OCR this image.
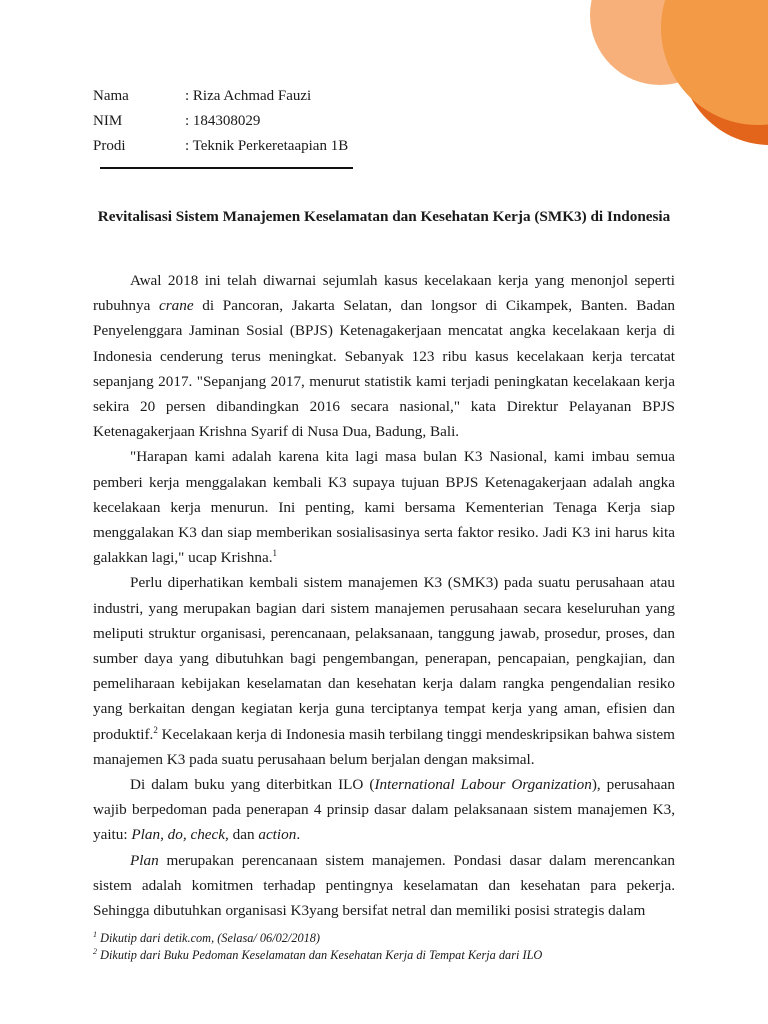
Nama	: Riza Achmad Fauzi
NIM	: 184308029
Prodi	: Teknik Perkeretaapian 1B
Revitalisasi Sistem Manajemen Keselamatan dan Kesehatan Kerja (SMK3) di Indonesia

Awal 2018 ini telah diwarnai sejumlah kasus kecelakaan kerja yang menonjol seperti rubuhnya crane di Pancoran, Jakarta Selatan, dan longsor di Cikampek, Banten. Badan Penyelenggara Jaminan Sosial (BPJS) Ketenagakerjaan mencatat angka kecelakaan kerja di Indonesia cenderung terus meningkat. Sebanyak 123 ribu kasus kecelakaan kerja tercatat sepanjang 2017. "Sepanjang 2017, menurut statistik kami terjadi peningkatan kecelakaan kerja sekira 20 persen dibandingkan 2016 secara nasional," kata Direktur Pelayanan BPJS Ketenagakerjaan Krishna Syarif di Nusa Dua, Badung, Bali.

"Harapan kami adalah karena kita lagi masa bulan K3 Nasional, kami imbau semua pemberi kerja menggalakan kembali K3 supaya tujuan BPJS Ketenagakerjaan adalah angka kecelakaan kerja menurun. Ini penting, kami bersama Kementerian Tenaga Kerja siap menggalakan K3 dan siap memberikan sosialisasinya serta faktor resiko. Jadi K3 ini harus kita galakkan lagi," ucap Krishna.$^1$

Perlu diperhatikan kembali sistem manajemen K3 (SMK3) pada suatu perusahaan atau industri, yang merupakan bagian dari sistem manajemen perusahaan secara keseluruhan yang meliputi struktur organisasi, perencanaan, pelaksanaan, tanggung jawab, prosedur, proses, dan sumber daya yang dibutuhkan bagi pengembangan, penerapan, pencapaian, pengkajian, dan pemeliharaan kebijakan keselamatan dan kesehatan kerja dalam rangka pengendalian resiko yang berkaitan dengan kegiatan kerja guna terciptanya tempat kerja yang aman, efisien dan produktif.$^2$ Kecelakaan kerja di Indonesia masih terbilang tinggi mendeskripsikan bahwa sistem manajemen K3 pada suatu perusahaan belum berjalan dengan maksimal.

Di dalam buku yang diterbitkan ILO (International Labour Organization), perusahaan wajib berpedoman pada penerapan 4 prinsip dasar dalam pelaksanaan sistem manajemen K3, yaitu: Plan, do, check, dan action.

Plan merupakan perencanaan sistem manajemen. Pondasi dasar dalam merencankan sistem adalah komitmen terhadap pentingnya keselamatan dan kesehatan para pekerja. Sehingga dibutuhkan organisasi K3yang bersifat netral dan memiliki posisi strategis dalam

$^1$ Dikutip dari detik.com, (Selasa/ 06/02/2018)

$^2$ Dikutip dari Buku Pedoman Keselamatan dan Kesehatan Kerja di Tempat Kerja dari ILO
